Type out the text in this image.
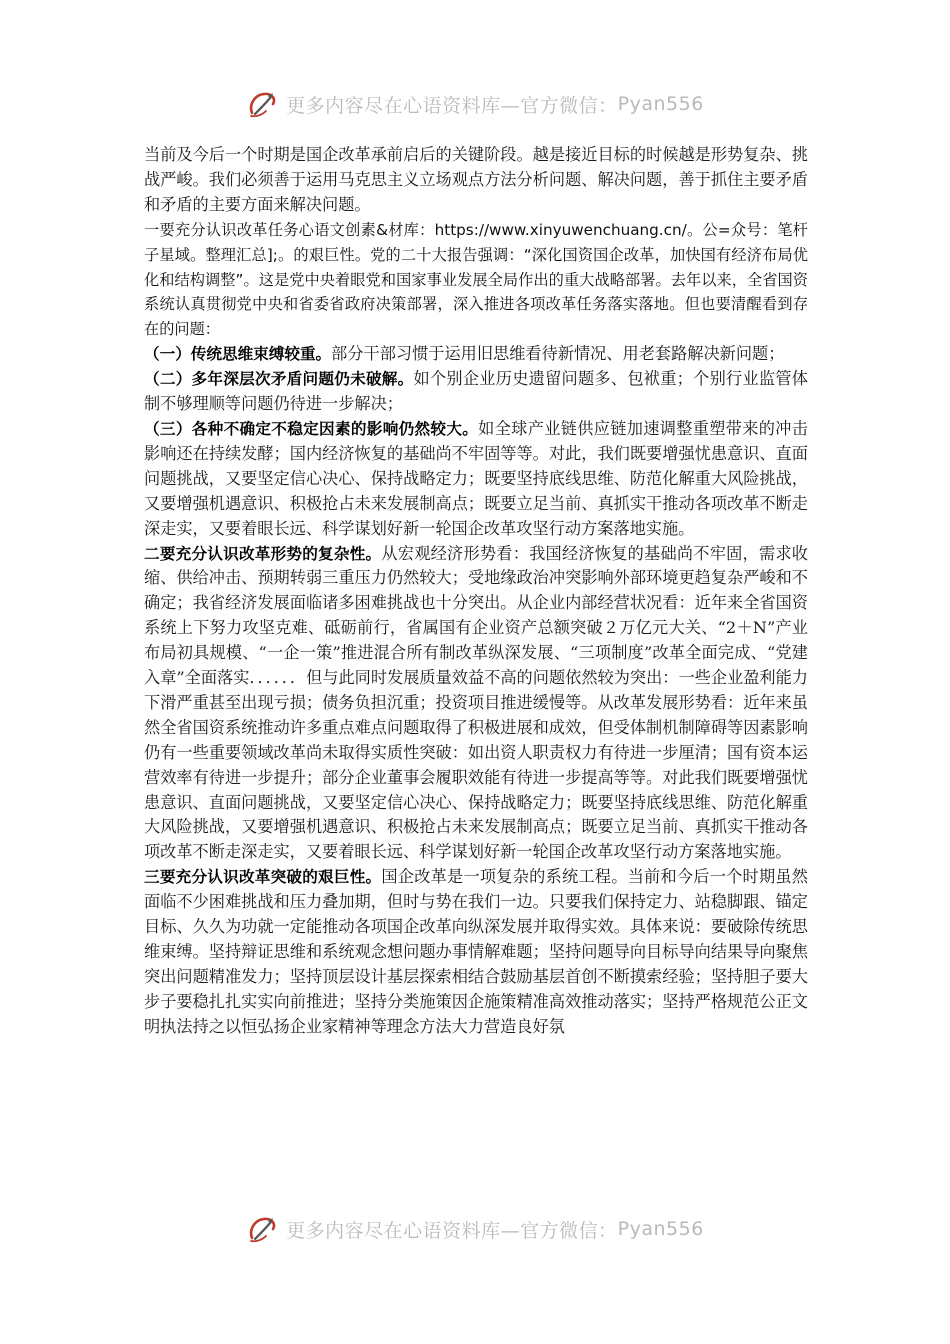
更多内容尽在心语资料库—官方微信： Pyan556

当前及今后一个时期是国企改革承前启后的关键阶段。越是接近目标的时候越是形势复杂、挑战严峻。我们必须善于运用马克思主义立场观点方法分析问题、解决问题，善于抓住主要矛盾和矛盾的主要方面来解决问题。

一要充分认识改革任务心语文创素&材库：https://www.xinyuwenchuang.cn/。公=众号：笔杆子星域。整理汇总];。的艰巨性。党的二十大报告强调：“深化国资国企改革，加快国有经济布局优化和结构调整”。这是党中央着眼党和国家事业发展全局作出的重大战略部署。去年以来，全省国资系统认真贯彻党中央和省委省政府决策部署，深入推进各项改革任务落实落地。但也要清醒看到存在的问题：

（一）传统思维束缚较重。部分干部习惯于运用旧思维看待新情况、用老套路解决新问题；

（二）多年深层次矛盾问题仍未破解。如个别企业历史遗留问题多、包袱重；个别行业监管体制不够理顺等问题仍待进一步解决；

（三）各种不确定不稳定因素的影响仍然较大。如全球产业链供应链加速调整重塑带来的冲击影响还在持续发酵；国内经济恢复的基础尚不牢固等等。对此，我们既要增强忧患意识、直面问题挑战，又要坚定信心决心、保持战略定力；既要坚持底线思维、防范化解重大风险挑战，又要增强机遇意识、积极抢占未来发展制高点；既要立足当前、真抓实干推动各项改革不断走深走实，又要着眼长远、科学谋划好新一轮国企改革攻坚行动方案落地实施。

二要充分认识改革形势的复杂性。从宏观经济形势看：我国经济恢复的基础尚不牢固，需求收缩、供给冲击、预期转弱三重压力仍然较大；受地缘政治冲突影响外部环境更趋复杂严峻和不确定；我省经济发展面临诸多困难挑战也十分突出。从企业内部经营状况看：近年来全省国资系统上下努力攻坚克难、砥砺前行，省属国有企业资产总额突破２万亿元大关、“2＋N”产业布局初具规模、“一企一策”推进混合所有制改革纵深发展、“三项制度”改革全面完成、“党建入章”全面落实．．．．．．但与此同时发展质量效益不高的问题依然较为突出：一些企业盈利能力下滑严重甚至出现亏损；债务负担沉重；投资项目推进缓慢等。从改革发展形势看：近年来虽然全省国资系统推动许多重点难点问题取得了积极进展和成效，但受体制机制障碍等因素影响仍有一些重要领域改革尚未取得实质性突破：如出资人职责权力有待进一步厘清；国有资本运营效率有待进一步提升；部分企业董事会履职效能有待进一步提高等等。对此我们既要增强忧患意识、直面问题挑战，又要坚定信心决心、保持战略定力；既要坚持底线思维、防范化解重大风险挑战，又要增强机遇意识、积极抢占未来发展制高点；既要立足当前、真抓实干推动各项改革不断走深走实，又要着眼长远、科学谋划好新一轮国企改革攻坚行动方案落地实施。

三要充分认识改革突破的艰巨性。国企改革是一项复杂的系统工程。当前和今后一个时期虽然面临不少困难挑战和压力叠加期，但时与势在我们一边。只要我们保持定力、站稳脚跟、锚定目标、久久为功就一定能推动各项国企改革向纵深发展并取得实效。具体来说：要破除传统思维束缚。坚持辩证思维和系统观念想问题办事情解难题；坚持问题导向目标导向结果导向聚焦突出问题精准发力；坚持顶层设计基层探索相结合鼓励基层首创不断摸索经验；坚持胆子要大步子要稳扎扎实实向前推进；坚持分类施策因企施策精准高效推动落实；坚持严格规范公正文明执法持之以恒弘扬企业家精神等理念方法大力营造良好氛

更多内容尽在心语资料库—官方微信： Pyan556
